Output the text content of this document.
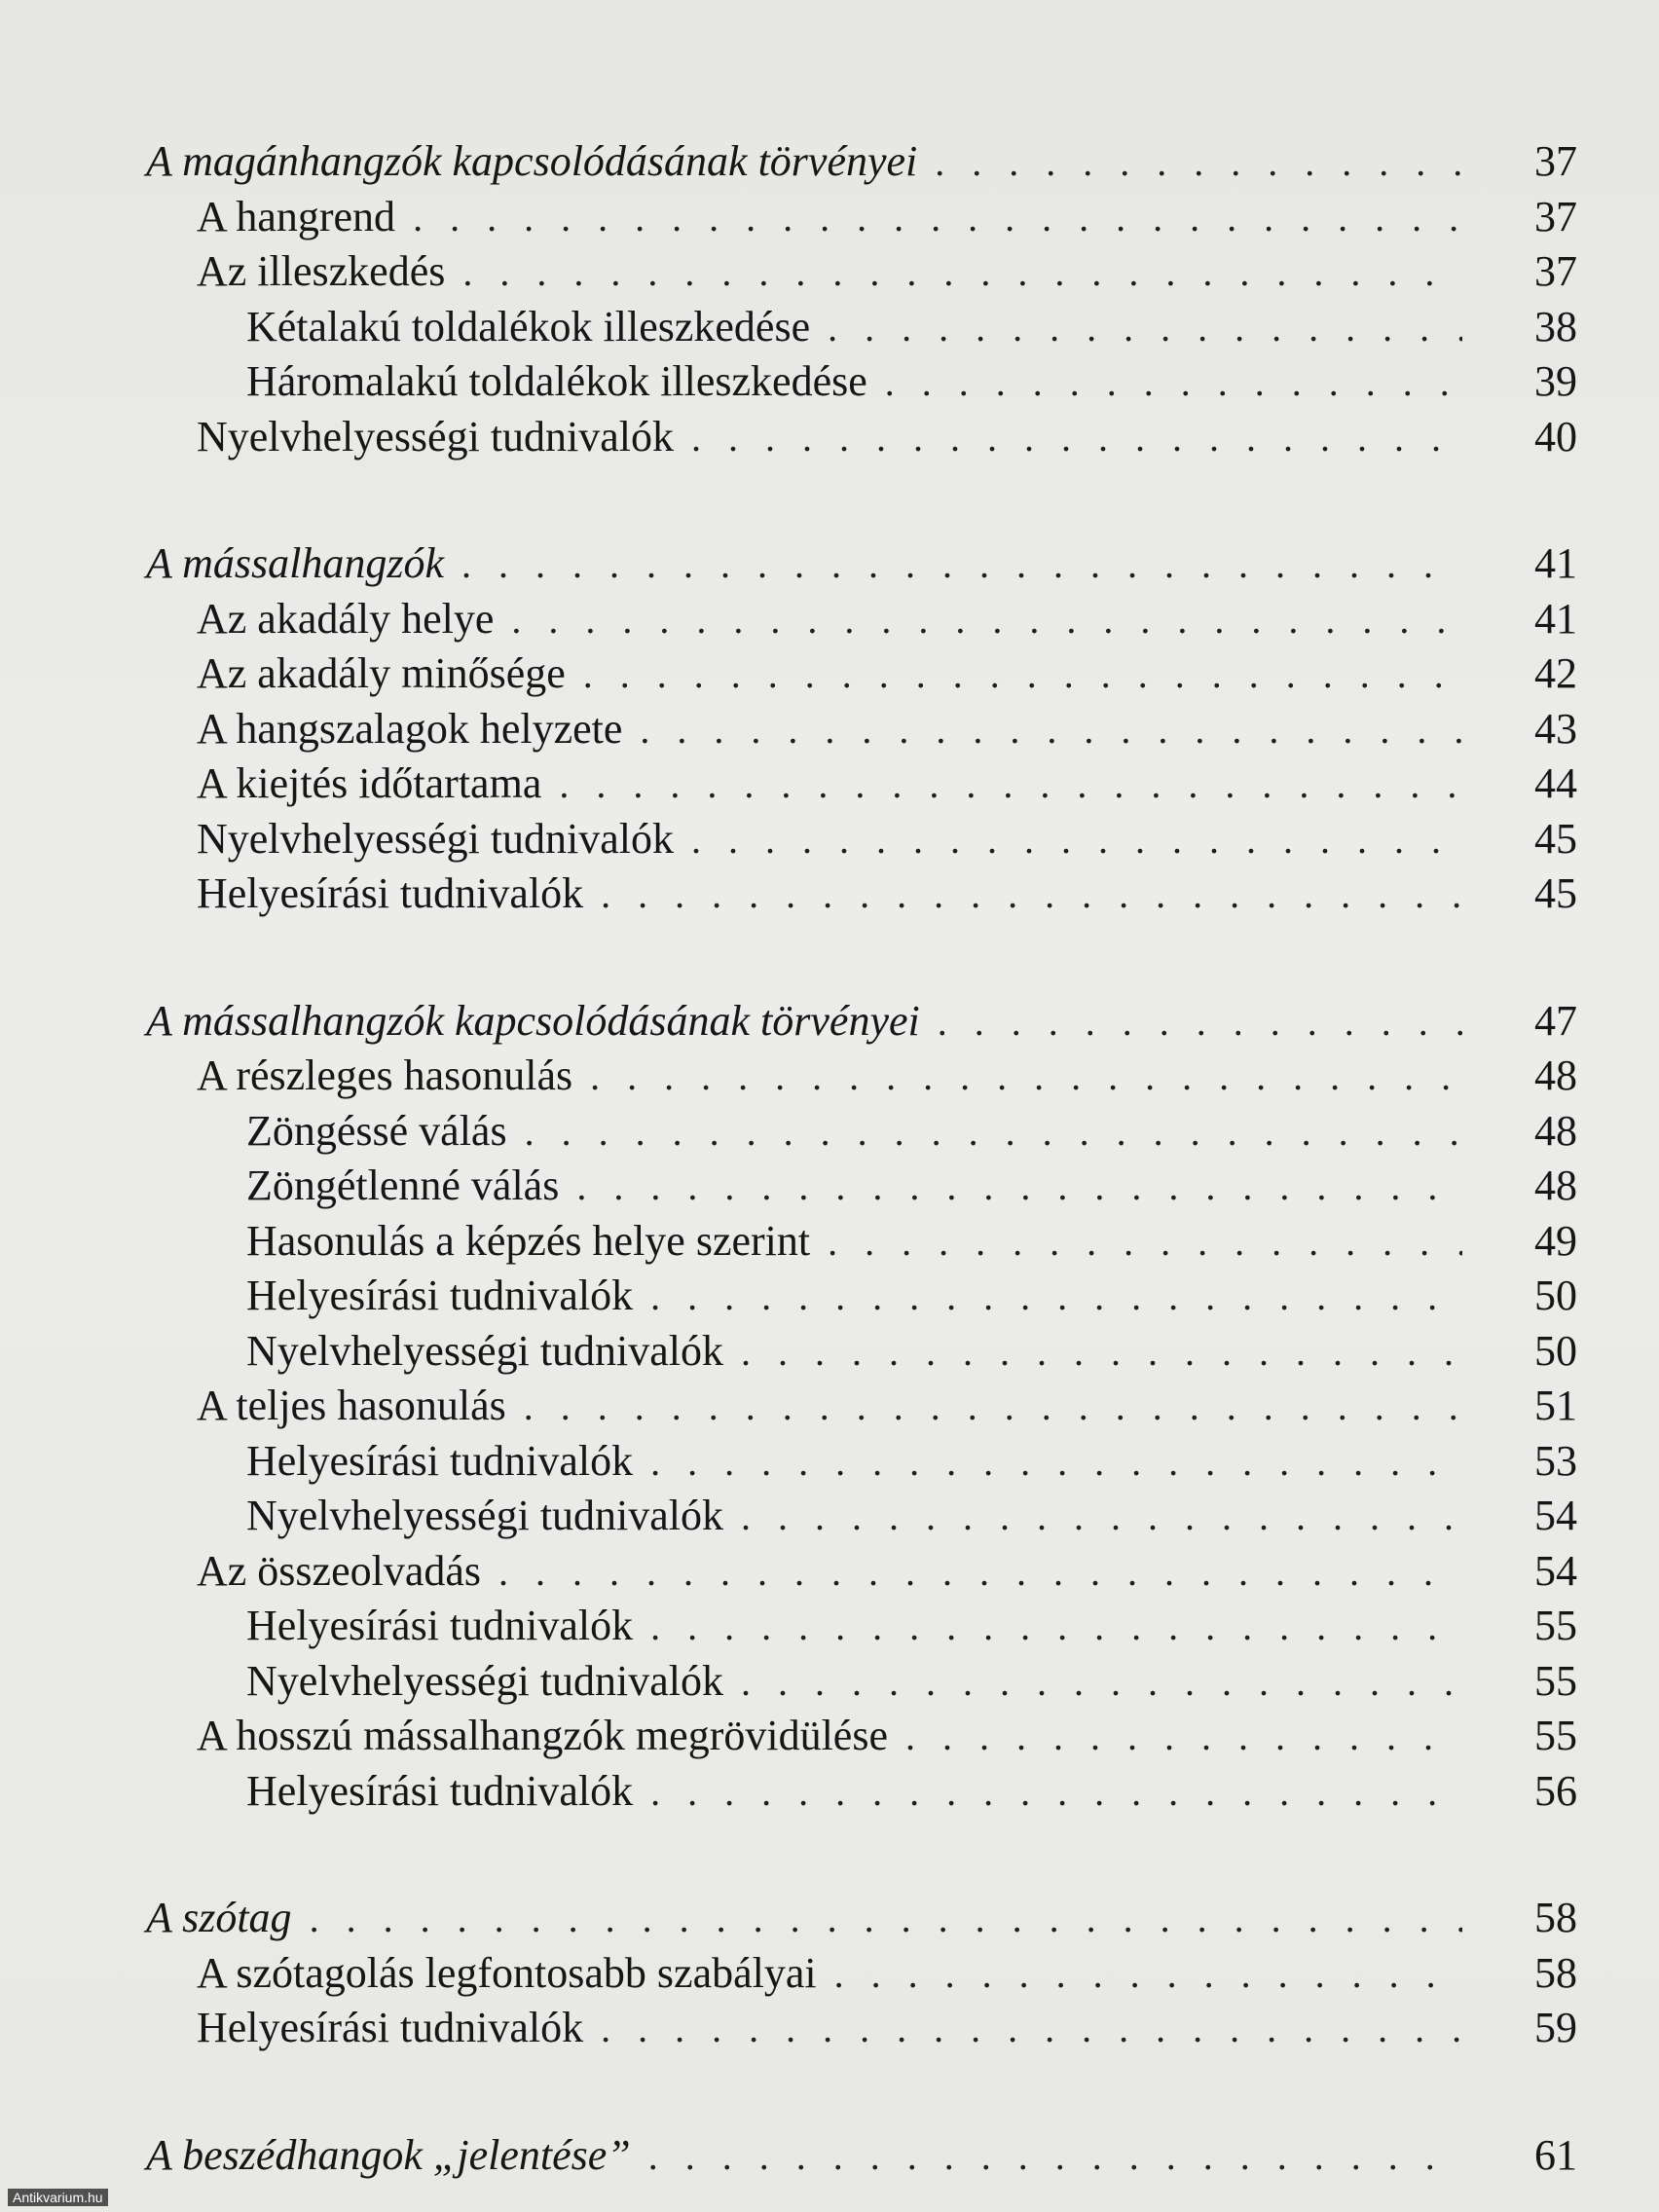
A magánhangzók kapcsolódásának törvényei . . .	37
A hangrend . . .	37
Az illeszkedés . . .	37
Kétalakú toldalékok illeszkedése . . .	38
Háromalakú toldalékok illeszkedése . . .	39
Nyelvhelyességi tudnivalók . . .	40
A mássalhangzók . . .	41
Az akadály helye . . .	41
Az akadály minősége . . .	42
A hangszalagok helyzete . . .	43
A kiejtés időtartama . . .	44
Nyelvhelyességi tudnivalók . . .	45
Helyesírási tudnivalók . . .	45
A mássalhangzók kapcsolódásának törvényei . . .	47
A részleges hasonulás . . .	48
Zöngéssé válás . . .	48
Zöngétlenné válás . . .	48
Hasonulás a képzés helye szerint . . .	49
Helyesírási tudnivalók . . .	50
Nyelvhelyességi tudnivalók . . .	50
A teljes hasonulás . . .	51
Helyesírási tudnivalók . . .	53
Nyelvhelyességi tudnivalók . . .	54
Az összeolvadás . . .	54
Helyesírási tudnivalók . . .	55
Nyelvhelyességi tudnivalók . . .	55
A hosszú mássalhangzók megrövidülése . . .	55
Helyesírási tudnivalók . . .	56
A szótag . . .	58
A szótagolás legfontosabb szabályai . . .	58
Helyesírási tudnivalók . . .	59
A beszédhangok „jelentése” . . .	61
Antikvarium.hu
